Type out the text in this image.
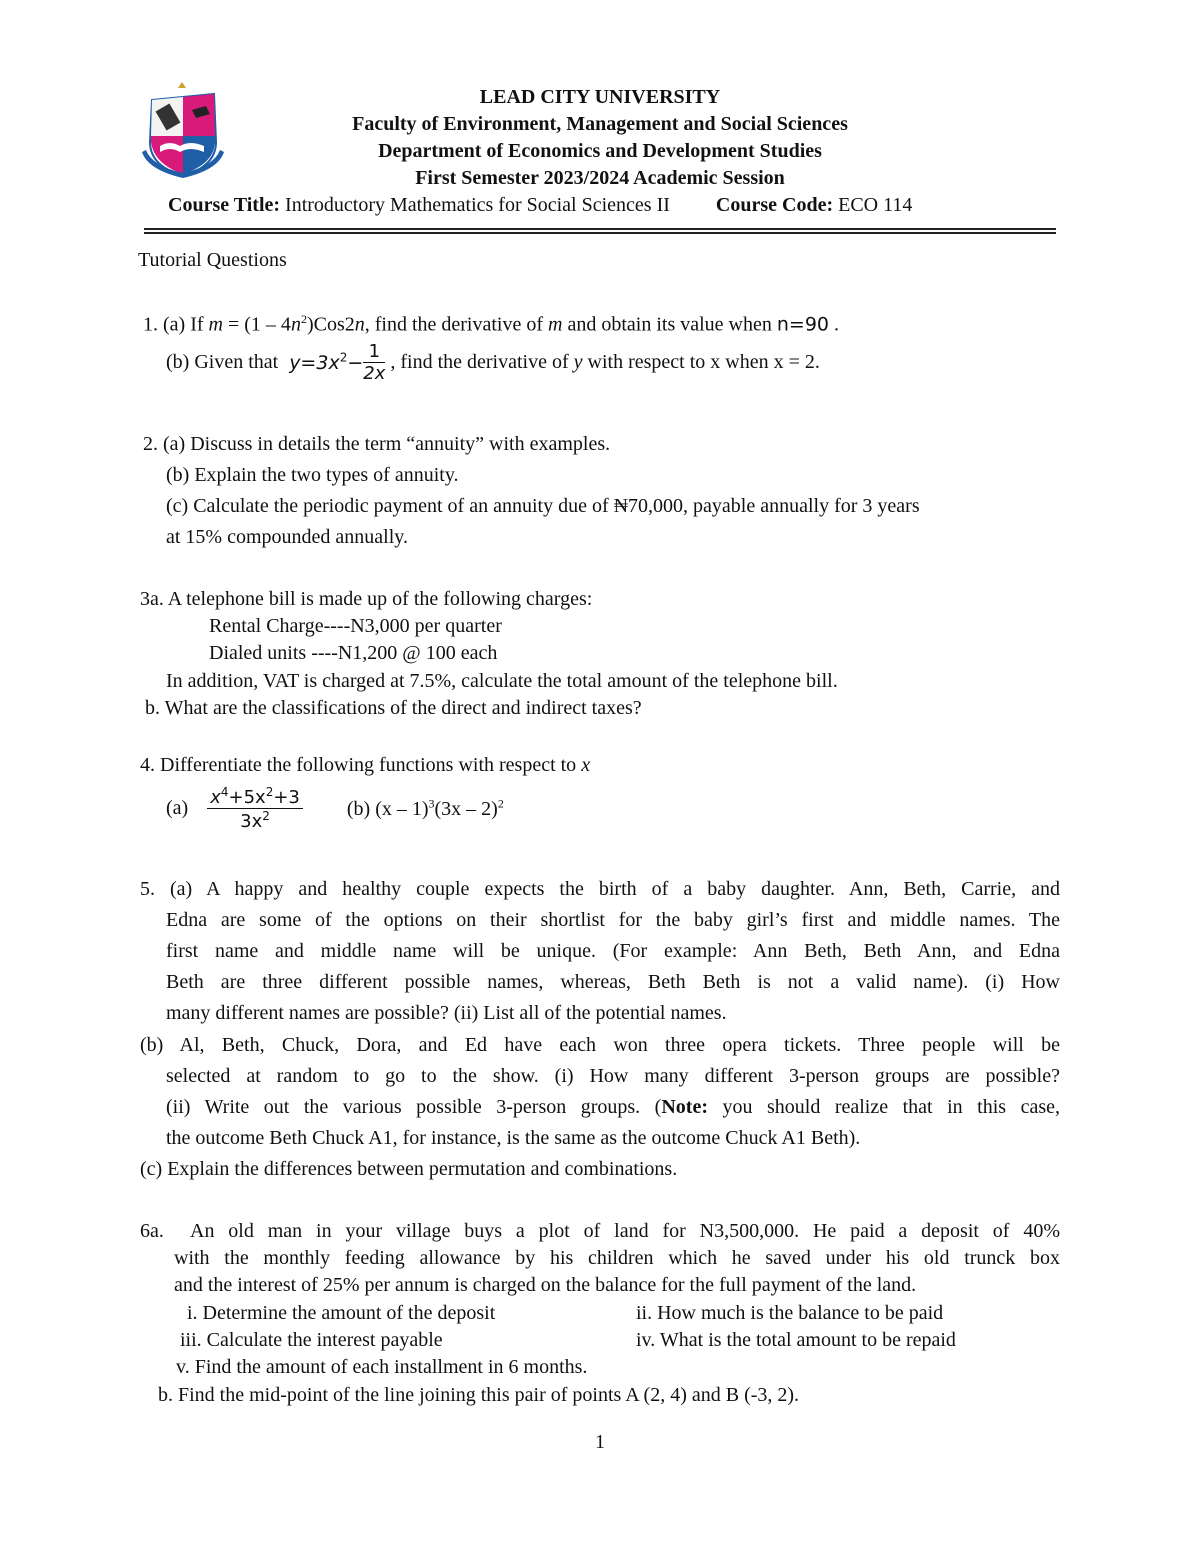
LEAD CITY UNIVERSITY
Faculty of Environment, Management and Social Sciences
Department of Economics and Development Studies
First Semester 2023/2024 Academic Session
Course Title: Introductory Mathematics for Social Sciences II Course Code: ECO 114
Tutorial Questions
1. (a) If $m = (1 - 4n^2)Cos2n$, find the derivative of m and obtain its value when n=90 .
(b) Given that $y=3x^2- \frac{1}{2x}$ , find the derivative of y with respect to x when x = 2.
2. (a) Discuss in details the term “annuity” with examples.
(b) Explain the two types of annuity.
(c) Calculate the periodic payment of an annuity due of ₦70,000, payable annually for 3 years
at 15% compounded annually.
3a. A telephone bill is made up of the following charges:
Rental Charge----N3,000 per quarter
Dialed units ----N1,200 @ 100 each
In addition, VAT is charged at 7.5%, calculate the total amount of the telephone bill.
b. What are the classifications of the direct and indirect taxes?
4. Differentiate the following functions with respect to x
$(a) \frac{x^4+5x^2+3}{3x^2} (b)$ (x – 1)$^3$(3x – 2)$^2$
5. (a) A happy and healthy couple expects the birth of a baby daughter. Ann, Beth, Carrie, and
Edna are some of the options on their shortlist for the baby girl’s first and middle names. The
first name and middle name will be unique. (For example: Ann Beth, Beth Ann, and Edna
Beth are three different possible names, whereas, Beth Beth is not a valid name). (i) How
many different names are possible? (ii) List all of the potential names.
(b) Al, Beth, Chuck, Dora, and Ed have each won three opera tickets. Three people will be
selected at random to go to the show. (i) How many different 3-person groups are possible?
(ii) Write out the various possible 3-person groups. (Note: you should realize that in this case,
the outcome Beth Chuck A1, for instance, is the same as the outcome Chuck A1 Beth).
(c) Explain the differences between permutation and combinations.
6a. An old man in your village buys a plot of land for N3,500,000. He paid a deposit of 40%
with the monthly feeding allowance by his children which he saved under his old trunck box
and the interest of 25% per annum is charged on the balance for the full payment of the land.
i. Determine the amount of the deposit	ii. How much is the balance to be paid
iii. Calculate the interest payable	iv. What is the total amount to be repaid
v. Find the amount of each installment in 6 months.
b. Find the mid-point of the line joining this pair of points A (2, 4) and B (-3, 2).
1
